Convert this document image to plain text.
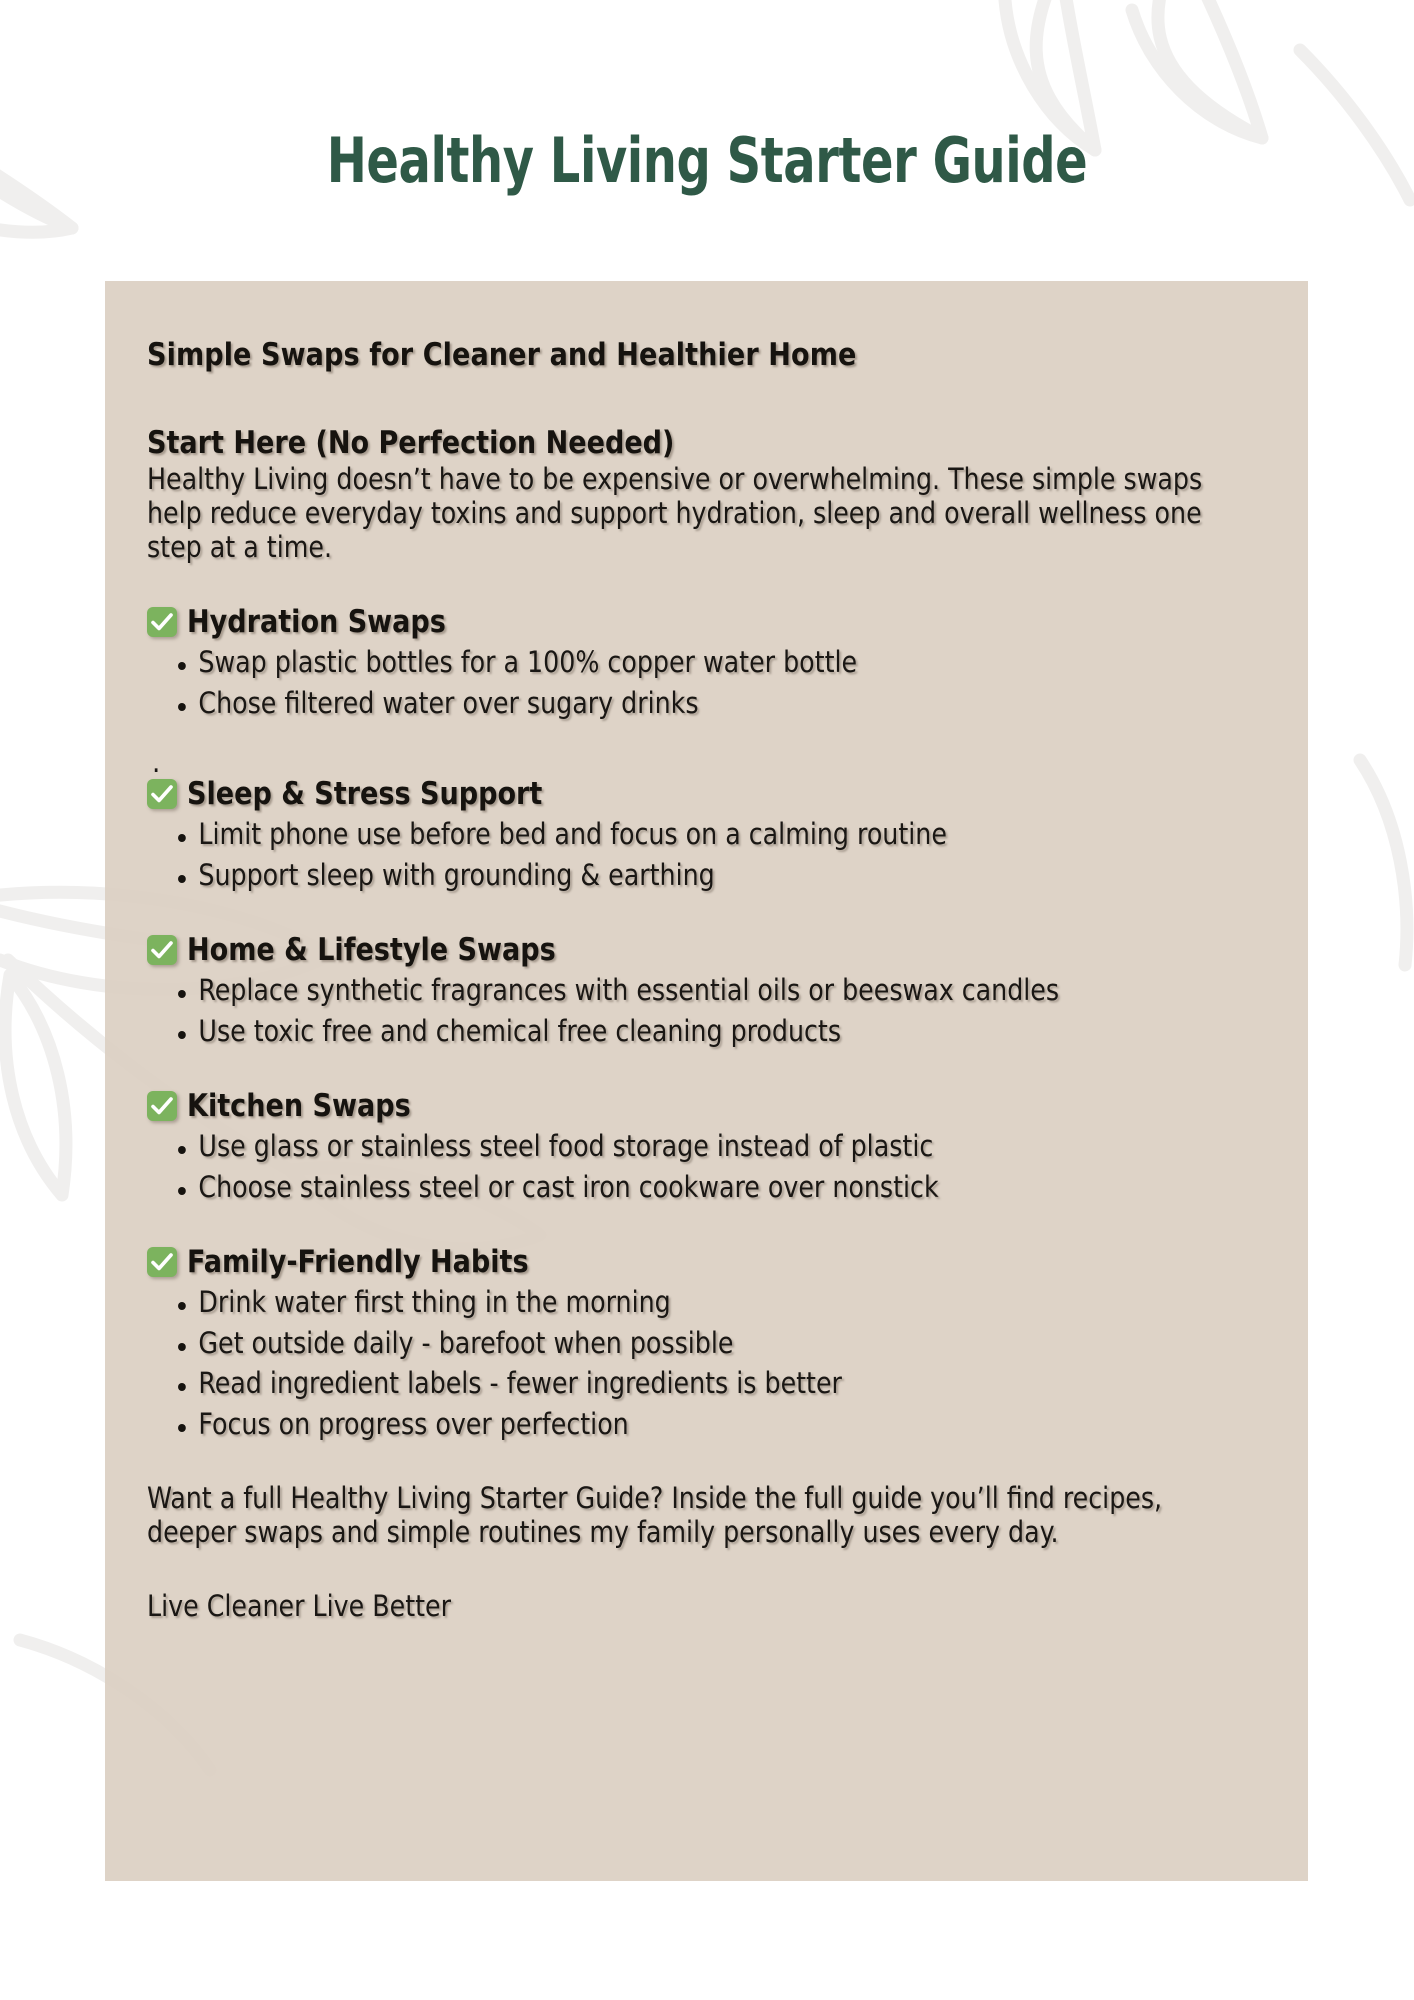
Healthy Living Starter Guide
Simple Swaps for Cleaner and Healthier Home
Start Here (No Perfection Needed)
Healthy Living doesn’t have to be expensive or overwhelming. These simple swaps help reduce everyday toxins and support hydration, sleep and overall wellness one step at a time.
Hydration Swaps
Swap plastic bottles for a 100% copper water bottle
Chose filtered water over sugary drinks
.
Sleep & Stress Support
Limit phone use before bed and focus on a calming routine
Support sleep with grounding & earthing
Home & Lifestyle Swaps
Replace synthetic fragrances with essential oils or beeswax candles
Use toxic free and chemical free cleaning products
Kitchen Swaps
Use glass or stainless steel food storage instead of plastic
Choose stainless steel or cast iron cookware over nonstick
Family-Friendly Habits
Drink water first thing in the morning
Get outside daily - barefoot when possible
Read ingredient labels - fewer ingredients is better
Focus on progress over perfection
Want a full Healthy Living Starter Guide? Inside the full guide you’ll find recipes, deeper swaps and simple routines my family personally uses every day.
Live Cleaner Live Better
